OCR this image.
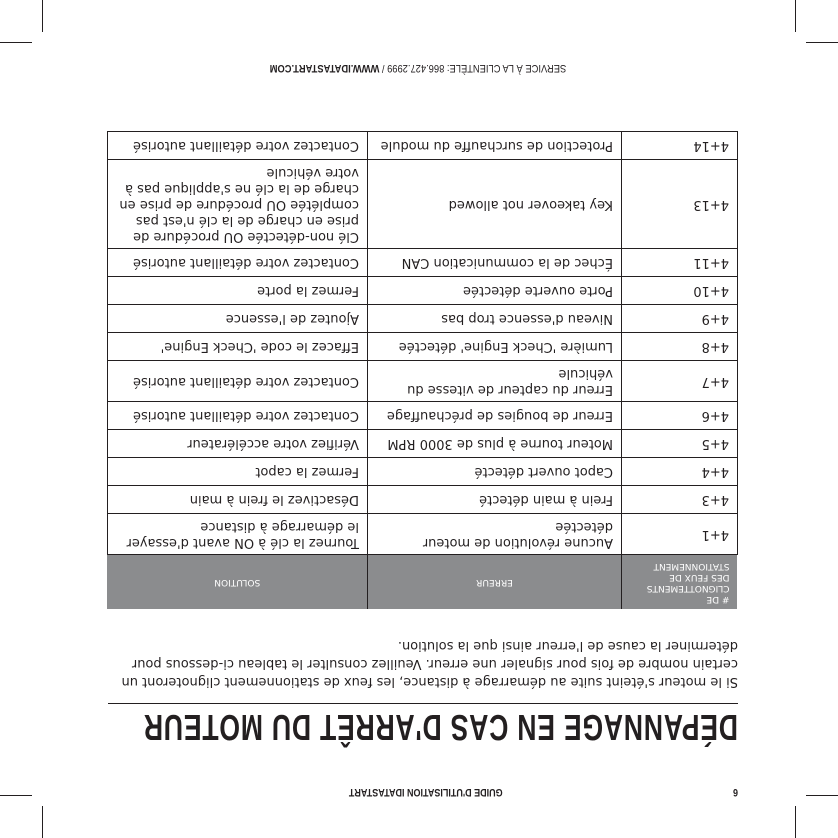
6
GUIDE D'UTILISATION IDATASTART
DÉPANNAGE EN CAS D'ARRÊT DU MOTEUR
Si le moteur s'éteint suite au démarrage à distance, les feux de stationnement clignoteront un certain nombre de fois pour signaler une erreur. Veuillez consulter le tableau ci-dessous pour déterminer la cause de l'erreur ainsi que la solution.
# DE CLIGNOTTEMENTS DES FEUX DE STATIONNEMENT	ERREUR	SOLUTION
4+1	Aucune révolution de moteur détectée	Tournez la clé à ON avant d'essayer le démarrage à distance
4+3	Frein à main détecté	Désactivez le frein à main
4+4	Capot ouvert détecté	Fermez la capot
4+5	Moteur tourne à plus de 3000 RPM	Vérifiez votre accélérateur
4+6	Erreur de bougies de préchauffage	Contactez votre détaillant autorisé
4+7	Erreur du capteur de vitesse du véhicule	Contactez votre détaillant autorisé
4+8	Lumière 'Check Engine' détectée	Effacez le code 'Check Engine'
4+9	Niveau d'essence trop bas	Ajoutez de l'essence
4+10	Porte ouverte détectée	Fermez la porte
4+11	Échec de la communication CAN	Contactez votre détaillant autorisé
4+13	Key takeover not allowed	Clé non-détectée OU procédure de prise en charge de la clé n'est pas complétée OU procédure de prise en charge de la clé ne s'applique pas à votre véhicule
4+14	Protection de surchauffe du module	Contactez votre détaillant autorisé
SERVICE À LA CLIENTÈLE: 866.427.2999 / WWW.IDATASTART.COM
